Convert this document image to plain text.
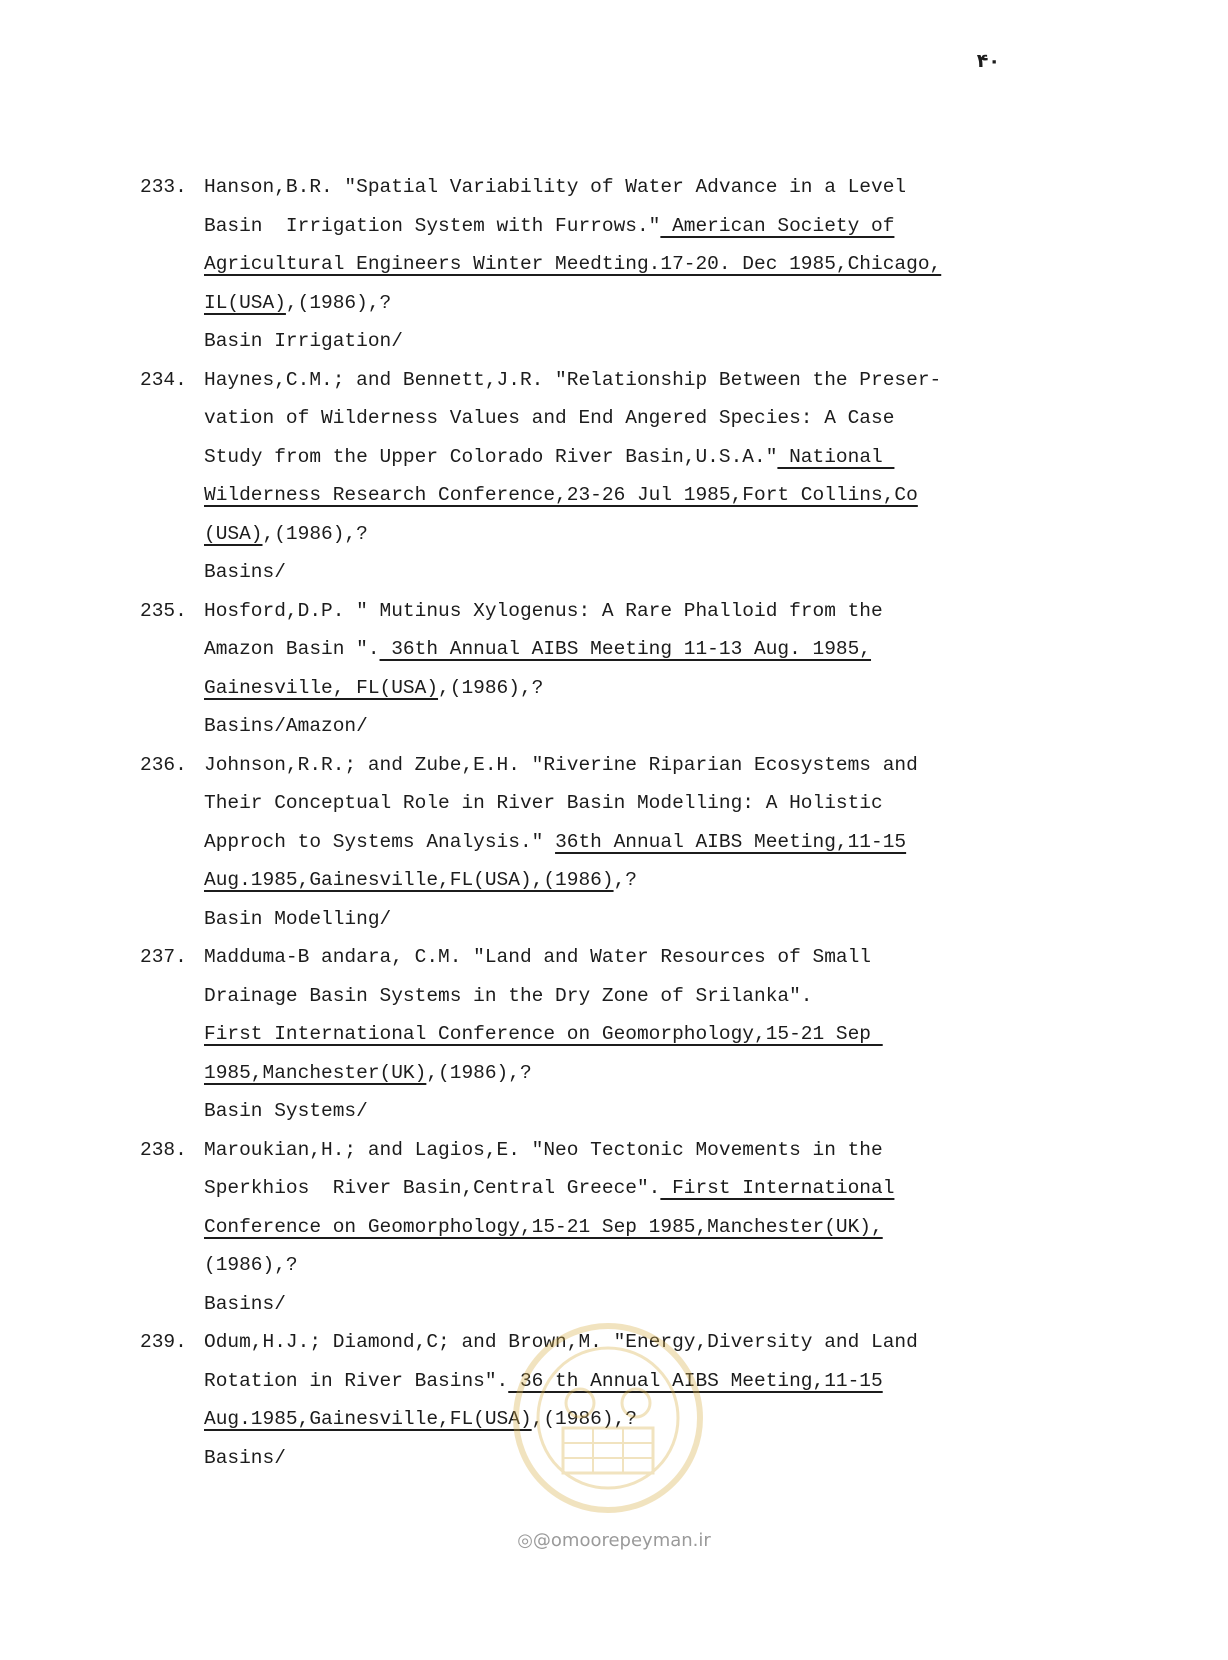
۴۰
233. Hanson,B.R. "Spatial Variability of Water Advance in a Level
Basin  Irrigation System with Furrows." American Society of
Agricultural Engineers Winter Meedting.17-20. Dec 1985,Chicago,
IL(USA),(1986),?
Basin Irrigation/
234. Haynes,C.M.; and Bennett,J.R. "Relationship Between the Preser-
vation of Wilderness Values and End Angered Species: A Case
Study from the Upper Colorado River Basin,U.S.A." National
Wilderness Research Conference,23-26 Jul 1985,Fort Collins,Co
(USA),(1986),?
Basins/
235. Hosford,D.P. " Mutinus Xylogenus: A Rare Phalloid from the
Amazon Basin ". 36th Annual AIBS Meeting 11-13 Aug. 1985,
Gainesville, FL(USA),(1986),?
Basins/Amazon/
236. Johnson,R.R.; and Zube,E.H. "Riverine Riparian Ecosystems and
Their Conceptual Role in River Basin Modelling: A Holistic
Approch to Systems Analysis." 36th Annual AIBS Meeting,11-15
Aug.1985,Gainesville,FL(USA),(1986),?
Basin Modelling/
237. Madduma-B andara, C.M. "Land and Water Resources of Small
Drainage Basin Systems in the Dry Zone of Srilanka".
First International Conference on Geomorphology,15-21 Sep
1985,Manchester(UK),(1986),?
Basin Systems/
238. Maroukian,H.; and Lagios,E. "Neo Tectonic Movements in the
Sperkhios  River Basin,Central Greece". First International
Conference on Geomorphology,15-21 Sep 1985,Manchester(UK),
(1986),?
Basins/
239. Odum,H.J.; Diamond,C; and Brown,M. "Energy,Diversity and Land
Rotation in River Basins". 36 th Annual AIBS Meeting,11-15
Aug.1985,Gainesville,FL(USA),(1986),?
Basins/
◎@omoorepeyman.ir
